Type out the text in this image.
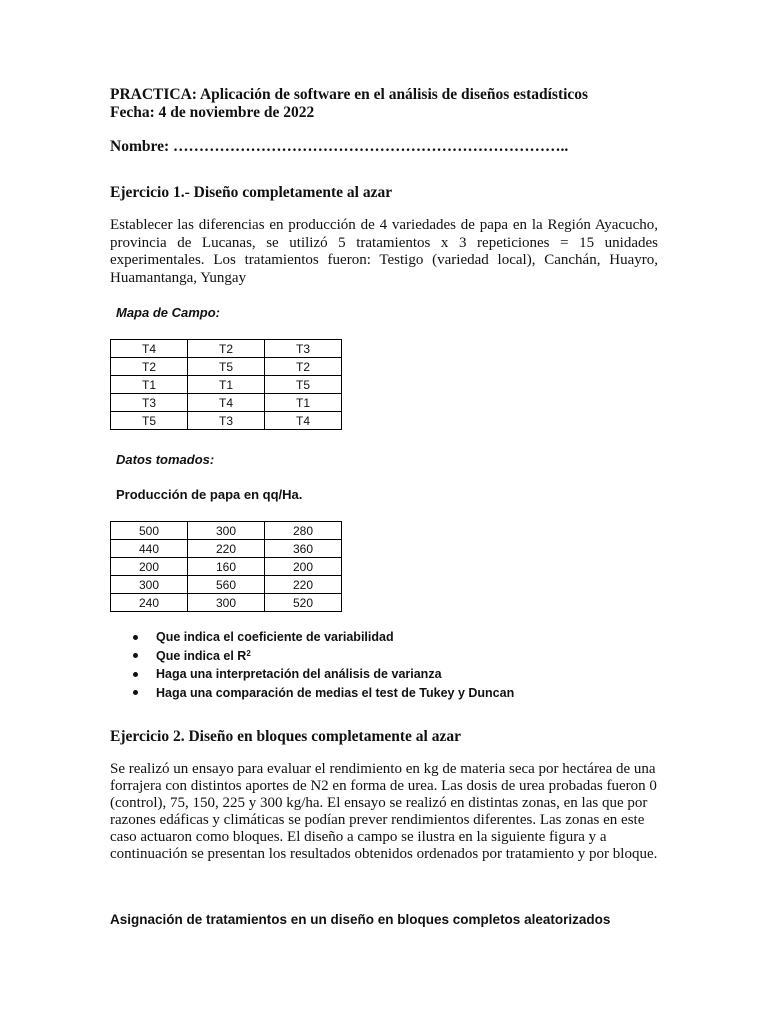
PRACTICA: Aplicación de software en el análisis de diseños estadísticos
Fecha: 4 de noviembre de 2022
Nombre: …………………………………………………………………..
Ejercicio 1.- Diseño completamente al azar
Establecer las diferencias en producción de 4 variedades de papa en la Región Ayacucho, provincia de Lucanas, se utilizó 5 tratamientos x 3 repeticiones = 15 unidades experimentales. Los tratamientos fueron: Testigo (variedad local), Canchán, Huayro, Huamantanga, Yungay
Mapa de Campo:
T4	T2	T3
T2	T5	T2
T1	T1	T5
T3	T4	T1
T5	T3	T4
Datos tomados:
Producción de papa en qq/Ha.
500	300	280
440	220	360
200	160	200
300	560	220
240	300	520
Que indica el coeficiente de variabilidad
Que indica el $R^2$
Haga una interpretación del análisis de varianza
Haga una comparación de medias el test de Tukey y Duncan
Ejercicio 2. Diseño en bloques completamente al azar
Se realizó un ensayo para evaluar el rendimiento en kg de materia seca por hectárea de una forrajera con distintos aportes de N2 en forma de urea. Las dosis de urea probadas fueron 0 (control), 75, 150, 225 y 300 kg/ha. El ensayo se realizó en distintas zonas, en las que por razones edáficas y climáticas se podían prever rendimientos diferentes. Las zonas en este caso actuaron como bloques. El diseño a campo se ilustra en la siguiente figura y a continuación se presentan los resultados obtenidos ordenados por tratamiento y por bloque.
Asignación de tratamientos en un diseño en bloques completos aleatorizados
